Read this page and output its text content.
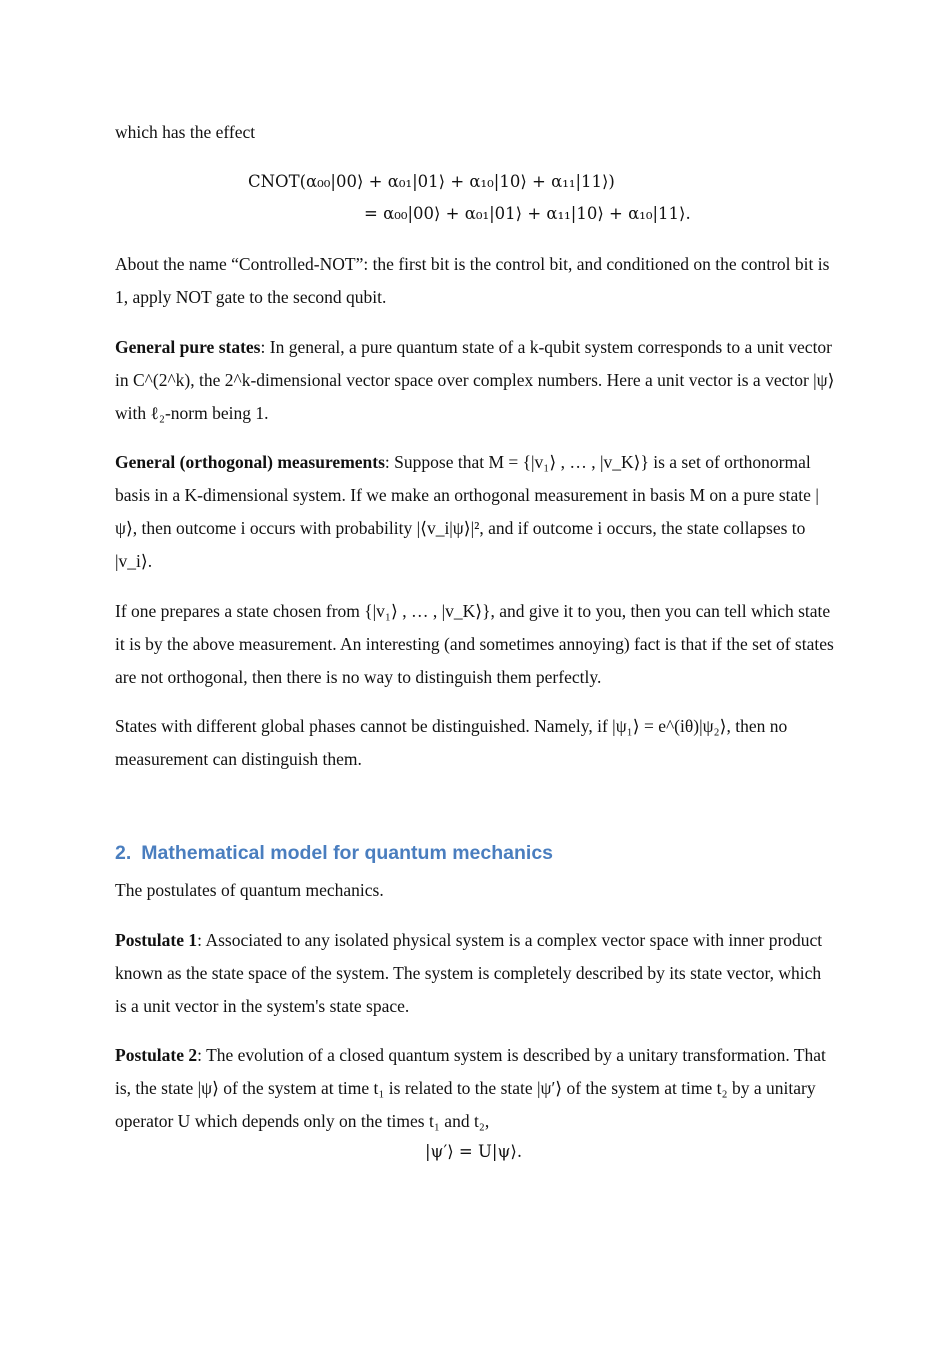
which has the effect

CNOT(α₀₀|00⟩ + α₀₁|01⟩ + α₁₀|10⟩ + α₁₁|11⟩)
= α₀₀|00⟩ + α₀₁|01⟩ + α₁₁|10⟩ + α₁₀|11⟩.

About the name “Controlled-NOT”: the first bit is the control bit, and conditioned on the control bit is 1, apply NOT gate to the second qubit.

General pure states: In general, a pure quantum state of a k-qubit system corresponds to a unit vector in C^(2^k), the 2^k-dimensional vector space over complex numbers. Here a unit vector is a vector |ψ⟩ with ℓ₂-norm being 1.

General (orthogonal) measurements: Suppose that M = {|v₁⟩ , … , |v_K⟩} is a set of orthonormal basis in a K-dimensional system. If we make an orthogonal measurement in basis M on a pure state |ψ⟩, then outcome i occurs with probability |⟨v_i|ψ⟩|², and if outcome i occurs, the state collapses to |v_i⟩.

If one prepares a state chosen from {|v₁⟩ , … , |v_K⟩}, and give it to you, then you can tell which state it is by the above measurement. An interesting (and sometimes annoying) fact is that if the set of states are not orthogonal, then there is no way to distinguish them perfectly.

States with different global phases cannot be distinguished. Namely, if |ψ₁⟩ = e^(iθ)|ψ₂⟩, then no measurement can distinguish them.

2. Mathematical model for quantum mechanics

The postulates of quantum mechanics.

Postulate 1: Associated to any isolated physical system is a complex vector space with inner product known as the state space of the system. The system is completely described by its state vector, which is a unit vector in the system's state space.

Postulate 2: The evolution of a closed quantum system is described by a unitary transformation. That is, the state |ψ⟩ of the system at time t₁ is related to the state |ψ′⟩ of the system at time t₂ by a unitary operator U which depends only on the times t₁ and t₂,

|ψ′⟩ = U|ψ⟩.
